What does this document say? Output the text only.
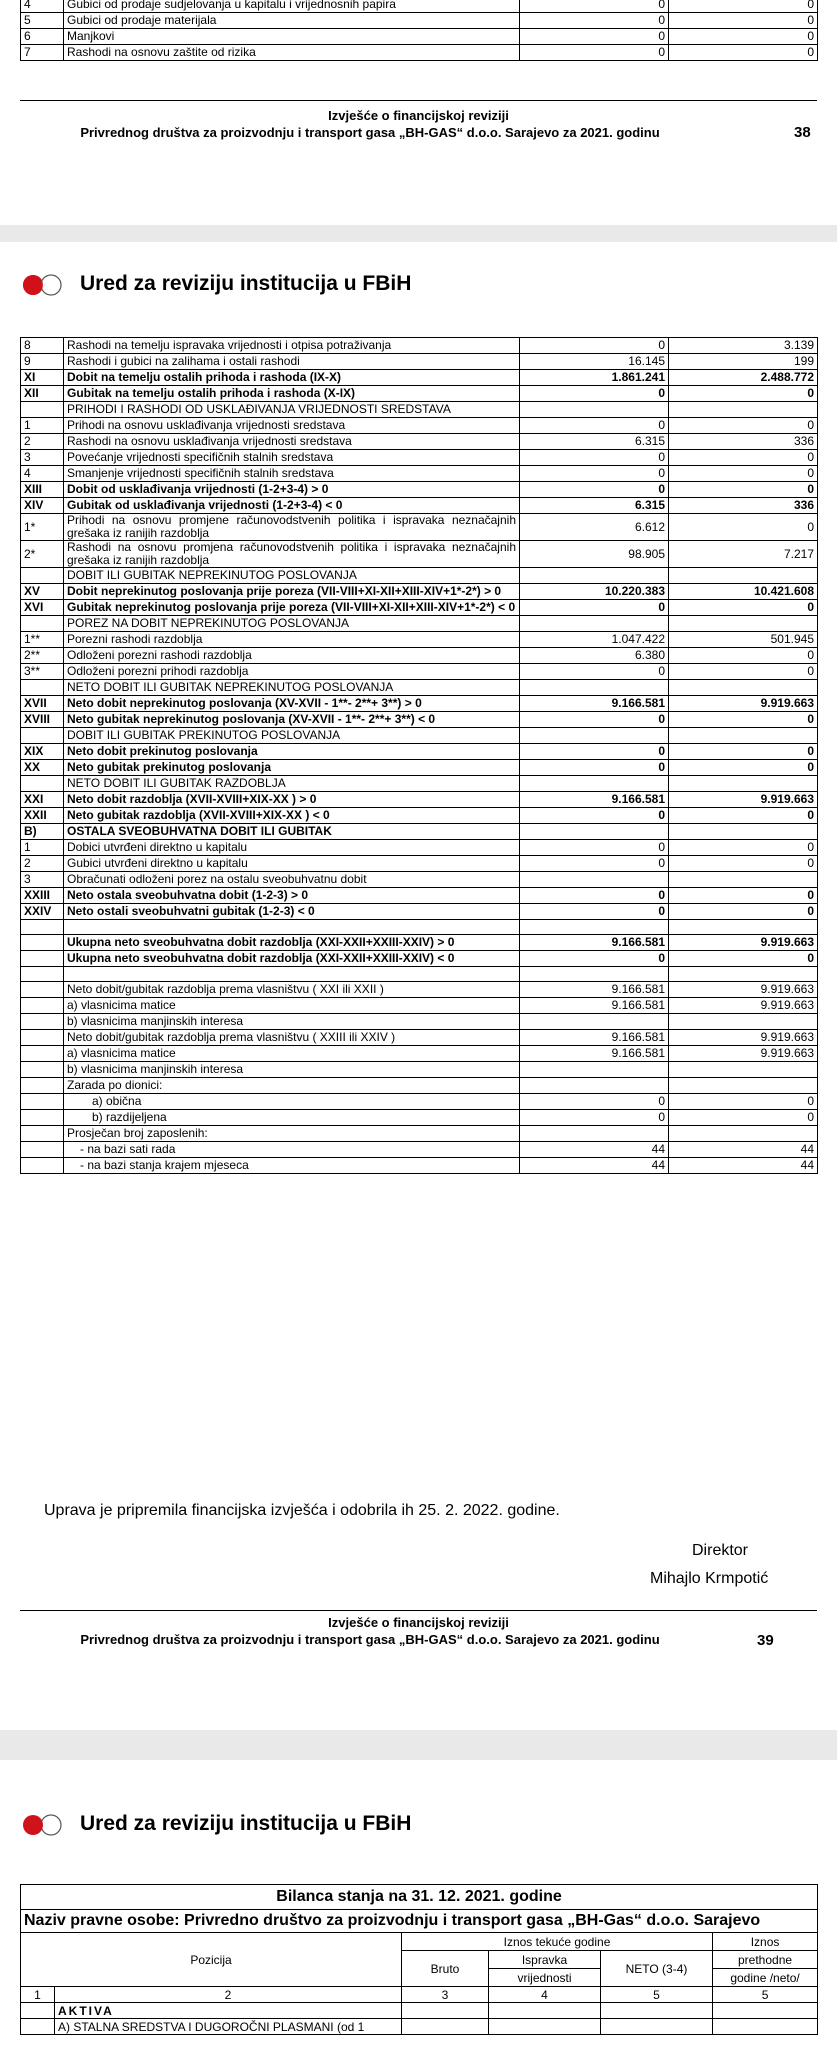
4	Gubici od prodaje sudjelovanja u kapitalu i vrijednosnih papira	0	0
5	Gubici od prodaje materijala	0	0
6	Manjkovi	0	0
7	Rashodi na osnovu zaštite od rizika	0	0
Izvješće o financijskoj reviziji
Privrednog društva za proizvodnju i transport gasa „BH-GAS“ d.o.o. Sarajevo za 2021. godinu	38
Ured za reviziju institucija u FBiH
8	Rashodi na temelju ispravaka vrijednosti i otpisa potraživanja	0	3.139
9	Rashodi i gubici na zalihama i ostali rashodi	16.145	199
XI	Dobit na temelju ostalih prihoda i rashoda (IX-X)	1.861.241	2.488.772
XII	Gubitak na temelju ostalih prihoda i rashoda (X-IX)	0	0
	PRIHODI I RASHODI OD USKLAĐIVANJA VRIJEDNOSTI SREDSTAVA		
1	Prihodi na osnovu usklađivanja vrijednosti sredstava	0	0
2	Rashodi na osnovu usklađivanja vrijednosti sredstava	6.315	336
3	Povećanje vrijednosti specifičnih stalnih sredstava	0	0
4	Smanjenje vrijednosti specifičnih stalnih sredstava	0	0
XIII	Dobit od usklađivanja vrijednosti (1-2+3-4) > 0	0	0
XIV	Gubitak od usklađivanja vrijednosti (1-2+3-4) < 0	6.315	336
1*	Prihodi na osnovu promjene računovodstvenih politika i ispravaka neznačajnih grešaka iz ranijih razdoblja	6.612	0
2*	Rashodi na osnovu promjena računovodstvenih politika i ispravaka neznačajnih grešaka iz ranijih razdoblja	98.905	7.217
	DOBIT ILI GUBITAK NEPREKINUTOG POSLOVANJA		
XV	Dobit neprekinutog poslovanja prije poreza (VII-VIII+XI-XII+XIII-XIV+1*-2*) > 0	10.220.383	10.421.608
XVI	Gubitak neprekinutog poslovanja prije poreza (VII-VIII+XI-XII+XIII-XIV+1*-2*) < 0	0	0
	POREZ NA DOBIT NEPREKINUTOG POSLOVANJA		
1**	Porezni rashodi razdoblja	1.047.422	501.945
2**	Odloženi porezni rashodi razdoblja	6.380	0
3**	Odloženi porezni prihodi razdoblja	0	0
	NETO DOBIT ILI GUBITAK NEPREKINUTOG POSLOVANJA		
XVII	Neto dobit neprekinutog poslovanja (XV-XVII - 1**- 2**+ 3**) > 0	9.166.581	9.919.663
XVIII	Neto gubitak neprekinutog poslovanja (XV-XVII - 1**- 2**+ 3**) < 0	0	0
	DOBIT ILI GUBITAK PREKINUTOG POSLOVANJA		
XIX	Neto dobit prekinutog poslovanja	0	0
XX	Neto gubitak prekinutog poslovanja	0	0
	NETO DOBIT ILI GUBITAK RAZDOBLJA		
XXI	Neto dobit razdoblja (XVII-XVIII+XIX-XX ) > 0	9.166.581	9.919.663
XXII	Neto gubitak razdoblja (XVII-XVIII+XIX-XX ) < 0	0	0
B)	OSTALA SVEOBUHVATNA DOBIT ILI GUBITAK		
1	Dobici utvrđeni direktno u kapitalu	0	0
2	Gubici utvrđeni direktno u kapitalu	0	0
3	Obračunati odloženi porez na ostalu sveobuhvatnu dobit		
XXIII	Neto ostala sveobuhvatna dobit (1-2-3) > 0	0	0
XXIV	Neto ostali sveobuhvatni gubitak (1-2-3) < 0	0	0

	Ukupna neto sveobuhvatna dobit razdoblja (XXI-XXII+XXIII-XXIV) > 0	9.166.581	9.919.663
	Ukupna neto sveobuhvatna dobit razdoblja (XXI-XXII+XXIII-XXIV) < 0	0	0

	Neto dobit/gubitak razdoblja prema vlasništvu ( XXI ili XXII )	9.166.581	9.919.663
	a) vlasnicima matice	9.166.581	9.919.663
	b) vlasnicima manjinskih interesa		
	Neto dobit/gubitak razdoblja prema vlasništvu ( XXIII ili XXIV )	9.166.581	9.919.663
	a) vlasnicima matice	9.166.581	9.919.663
	b) vlasnicima manjinskih interesa		
	Zarada po dionici:		
	a) obična	0	0
	b) razdijeljena	0	0
	Prosječan broj zaposlenih:		
	- na bazi sati rada	44	44
	- na bazi stanja krajem mjeseca	44	44
Uprava je pripremila financijska izvješća i odobrila ih 25. 2. 2022. godine.
Direktor
Mihajlo Krmpotić
Izvješće o financijskoj reviziji
Privrednog društva za proizvodnju i transport gasa „BH-GAS“ d.o.o. Sarajevo za 2021. godinu	39
Ured za reviziju institucija u FBiH
Bilanca stanja na 31. 12. 2021. godine					
Naziv pravne osobe: Privredno društvo za proizvodnju i transport gasa „BH-Gas“ d.o.o. Sarajevo					
Pozicija		Iznos tekuće godine			Iznos
		Bruto	Ispravka	NETO (3-4)	prethodne
			vrijednosti		godine /neto/
1	2	3	4	5	5
	AKTIVA				
	A) STALNA SREDSTVA I DUGOROČNI PLASMANI (od 1				
